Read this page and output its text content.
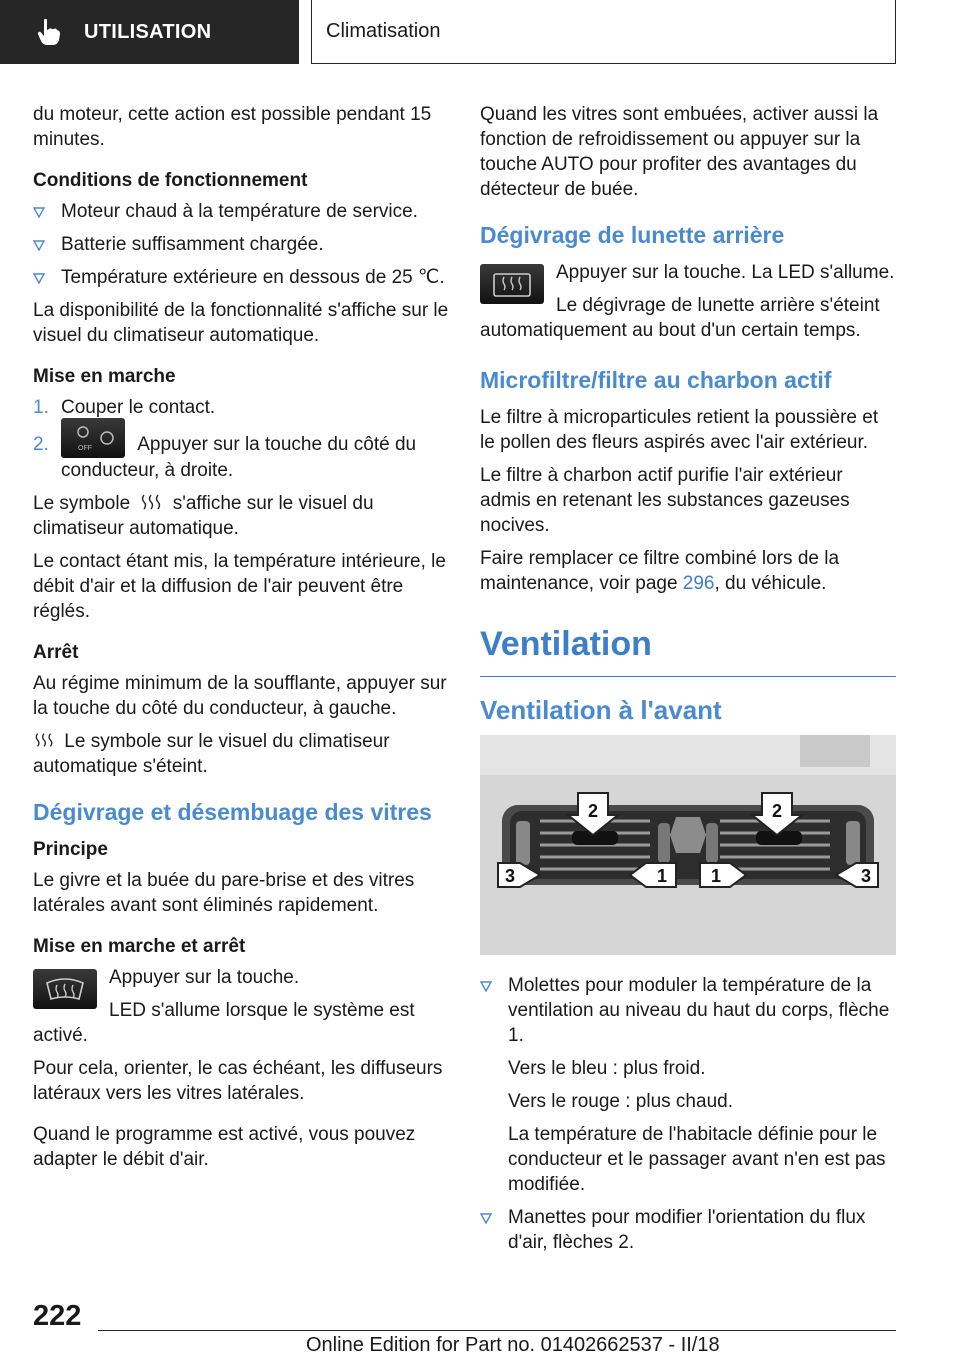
UTILISATION	Climatisation

du moteur, cette action est possible pendant 15 minutes.

Conditions de fonctionnement
Moteur chaud à la température de service.
Batterie suffisamment chargée.
Température extérieure en dessous de 25 ℃.

La disponibilité de la fonctionnalité s'affiche sur le visuel du climatiseur automatique.

Mise en marche
1. Couper le contact.
2.	OFF Appuyer sur la touche du côté du conducteur, à droite.

Le symbole s'affiche sur le visuel du climatiseur automatique.

Le contact étant mis, la température intérieure, le débit d'air et la diffusion de l'air peuvent être réglés.

Arrêt

Au régime minimum de la soufflante, appuyer sur la touche du côté du conducteur, à gauche.

Le symbole sur le visuel du climatiseur automatique s'éteint.

Dégivrage et désembuage des vitres
Principe

Le givre et la buée du pare-brise et des vitres latérales avant sont éliminés rapidement.

Mise en marche et arrêt

Appuyer sur la touche.

LED s'allume lorsque le système est activé.

Pour cela, orienter, le cas échéant, les diffuseurs latéraux vers les vitres latérales.

Quand le programme est activé, vous pouvez adapter le débit d'air.

Quand les vitres sont embuées, activer aussi la fonction de refroidissement ou appuyer sur la touche AUTO pour profiter des avantages du détecteur de buée.

Dégivrage de lunette arrière

Appuyer sur la touche. La LED s'allume.

Le dégivrage de lunette arrière s'éteint automatiquement au bout d'un certain temps.

Microfiltre/filtre au charbon actif

Le filtre à microparticules retient la poussière et le pollen des fleurs aspirés avec l'air extérieur.

Le filtre à charbon actif purifie l'air extérieur admis en retenant les substances gazeuses nocives.

Faire remplacer ce filtre combiné lors de la maintenance, voir page 296, du véhicule.

Ventilation
Ventilation à l'avant
2	2
3	1 1	3

Molettes pour moduler la température de la ventilation au niveau du haut du corps, flèche 1.

Vers le bleu : plus froid.

Vers le rouge : plus chaud.

La température de l'habitacle définie pour le conducteur et le passager avant n'en est pas modifiée.

Manettes pour modifier l'orientation du flux d'air, flèches 2.
222
Online Edition for Part no. 01402662537 - II/18
